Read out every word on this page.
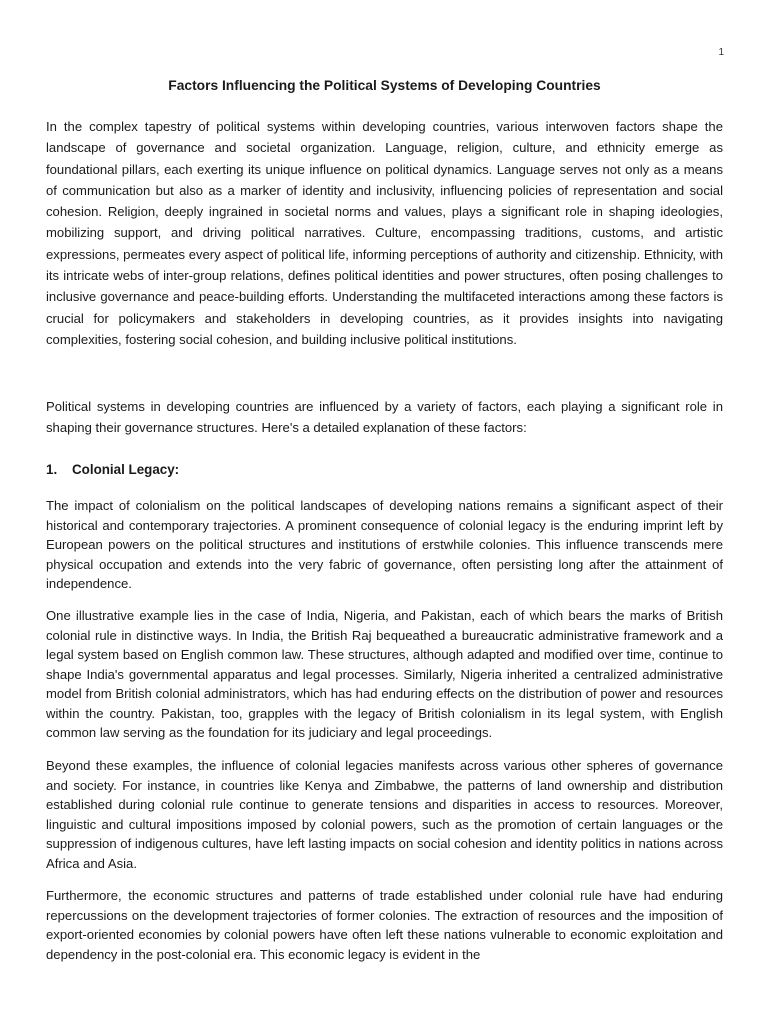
1
Factors Influencing the Political Systems of Developing Countries

In the complex tapestry of political systems within developing countries, various interwoven factors shape the landscape of governance and societal organization. Language, religion, culture, and ethnicity emerge as foundational pillars, each exerting its unique influence on political dynamics. Language serves not only as a means of communication but also as a marker of identity and inclusivity, influencing policies of representation and social cohesion. Religion, deeply ingrained in societal norms and values, plays a significant role in shaping ideologies, mobilizing support, and driving political narratives. Culture, encompassing traditions, customs, and artistic expressions, permeates every aspect of political life, informing perceptions of authority and citizenship. Ethnicity, with its intricate webs of inter-group relations, defines political identities and power structures, often posing challenges to inclusive governance and peace-building efforts. Understanding the multifaceted interactions among these factors is crucial for policymakers and stakeholders in developing countries, as it provides insights into navigating complexities, fostering social cohesion, and building inclusive political institutions.

Political systems in developing countries are influenced by a variety of factors, each playing a significant role in shaping their governance structures. Here's a detailed explanation of these factors:

1. Colonial Legacy:

The impact of colonialism on the political landscapes of developing nations remains a significant aspect of their historical and contemporary trajectories. A prominent consequence of colonial legacy is the enduring imprint left by European powers on the political structures and institutions of erstwhile colonies. This influence transcends mere physical occupation and extends into the very fabric of governance, often persisting long after the attainment of independence.

One illustrative example lies in the case of India, Nigeria, and Pakistan, each of which bears the marks of British colonial rule in distinctive ways. In India, the British Raj bequeathed a bureaucratic administrative framework and a legal system based on English common law. These structures, although adapted and modified over time, continue to shape India's governmental apparatus and legal processes. Similarly, Nigeria inherited a centralized administrative model from British colonial administrators, which has had enduring effects on the distribution of power and resources within the country. Pakistan, too, grapples with the legacy of British colonialism in its legal system, with English common law serving as the foundation for its judiciary and legal proceedings.

Beyond these examples, the influence of colonial legacies manifests across various other spheres of governance and society. For instance, in countries like Kenya and Zimbabwe, the patterns of land ownership and distribution established during colonial rule continue to generate tensions and disparities in access to resources. Moreover, linguistic and cultural impositions imposed by colonial powers, such as the promotion of certain languages or the suppression of indigenous cultures, have left lasting impacts on social cohesion and identity politics in nations across Africa and Asia.

Furthermore, the economic structures and patterns of trade established under colonial rule have had enduring repercussions on the development trajectories of former colonies. The extraction of resources and the imposition of export-oriented economies by colonial powers have often left these nations vulnerable to economic exploitation and dependency in the post-colonial era. This economic legacy is evident in the
